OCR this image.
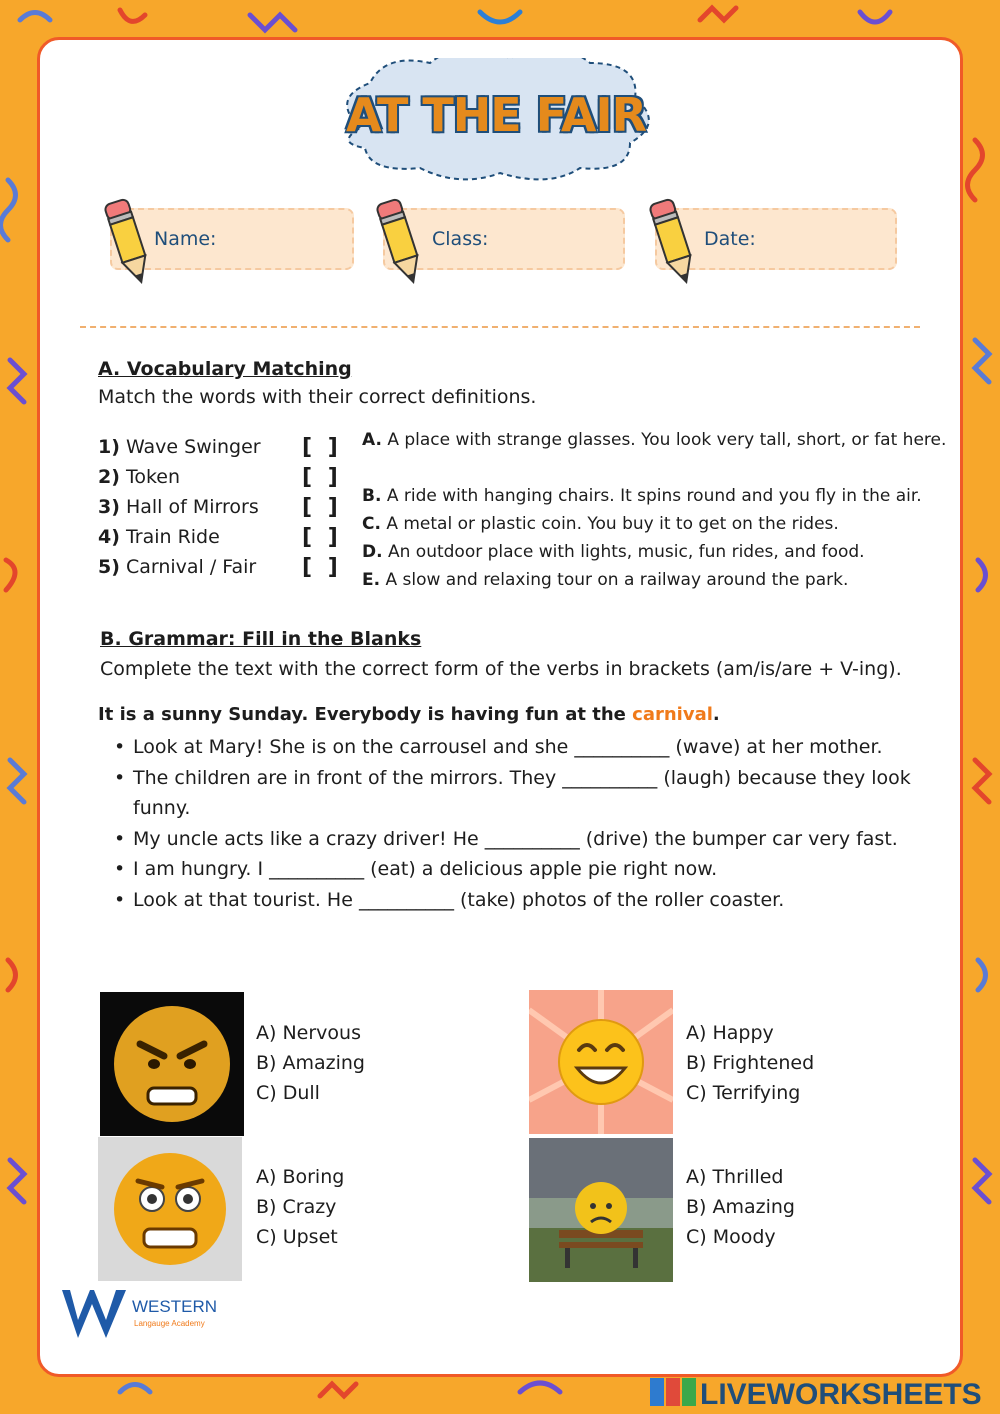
AT THE FAIR
Name:	Class:	Date:
A. Vocabulary Matching
Match the words with their correct definitions.
1) Wave Swinger
2) Token
3) Hall of Mirrors
4) Train Ride
5) Carnival / Fair
[ ]
[ ]
[ ]
[ ]
[ ]
A. A place with strange glasses. You look very tall, short, or fat here.
B. A ride with hanging chairs. It spins round and you fly in the air.
C. A metal or plastic coin. You buy it to get on the rides.
D. An outdoor place with lights, music, fun rides, and food.
E. A slow and relaxing tour on a railway around the park.
B. Grammar: Fill in the Blanks
Complete the text with the correct form of the verbs in brackets (am/is/are + V-ing).
It is a sunny Sunday. Everybody is having fun at the carnival.
• Look at Mary! She is on the carrousel and she __________ (wave) at her mother.
• The children are in front of the mirrors. They __________ (laugh) because they look funny.
• My uncle acts like a crazy driver! He __________ (drive) the bumper car very fast.
• I am hungry. I __________ (eat) a delicious apple pie right now.
• Look at that tourist. He __________ (take) photos of the roller coaster.
A) Nervous
B) Amazing
C) Dull
A) Happy
B) Frightened
C) Terrifying
A) Boring
B) Crazy
C) Upset
A) Thrilled
B) Amazing
C) Moody
WESTERN
Langauge Academy
LIVEWORKSHEETS
